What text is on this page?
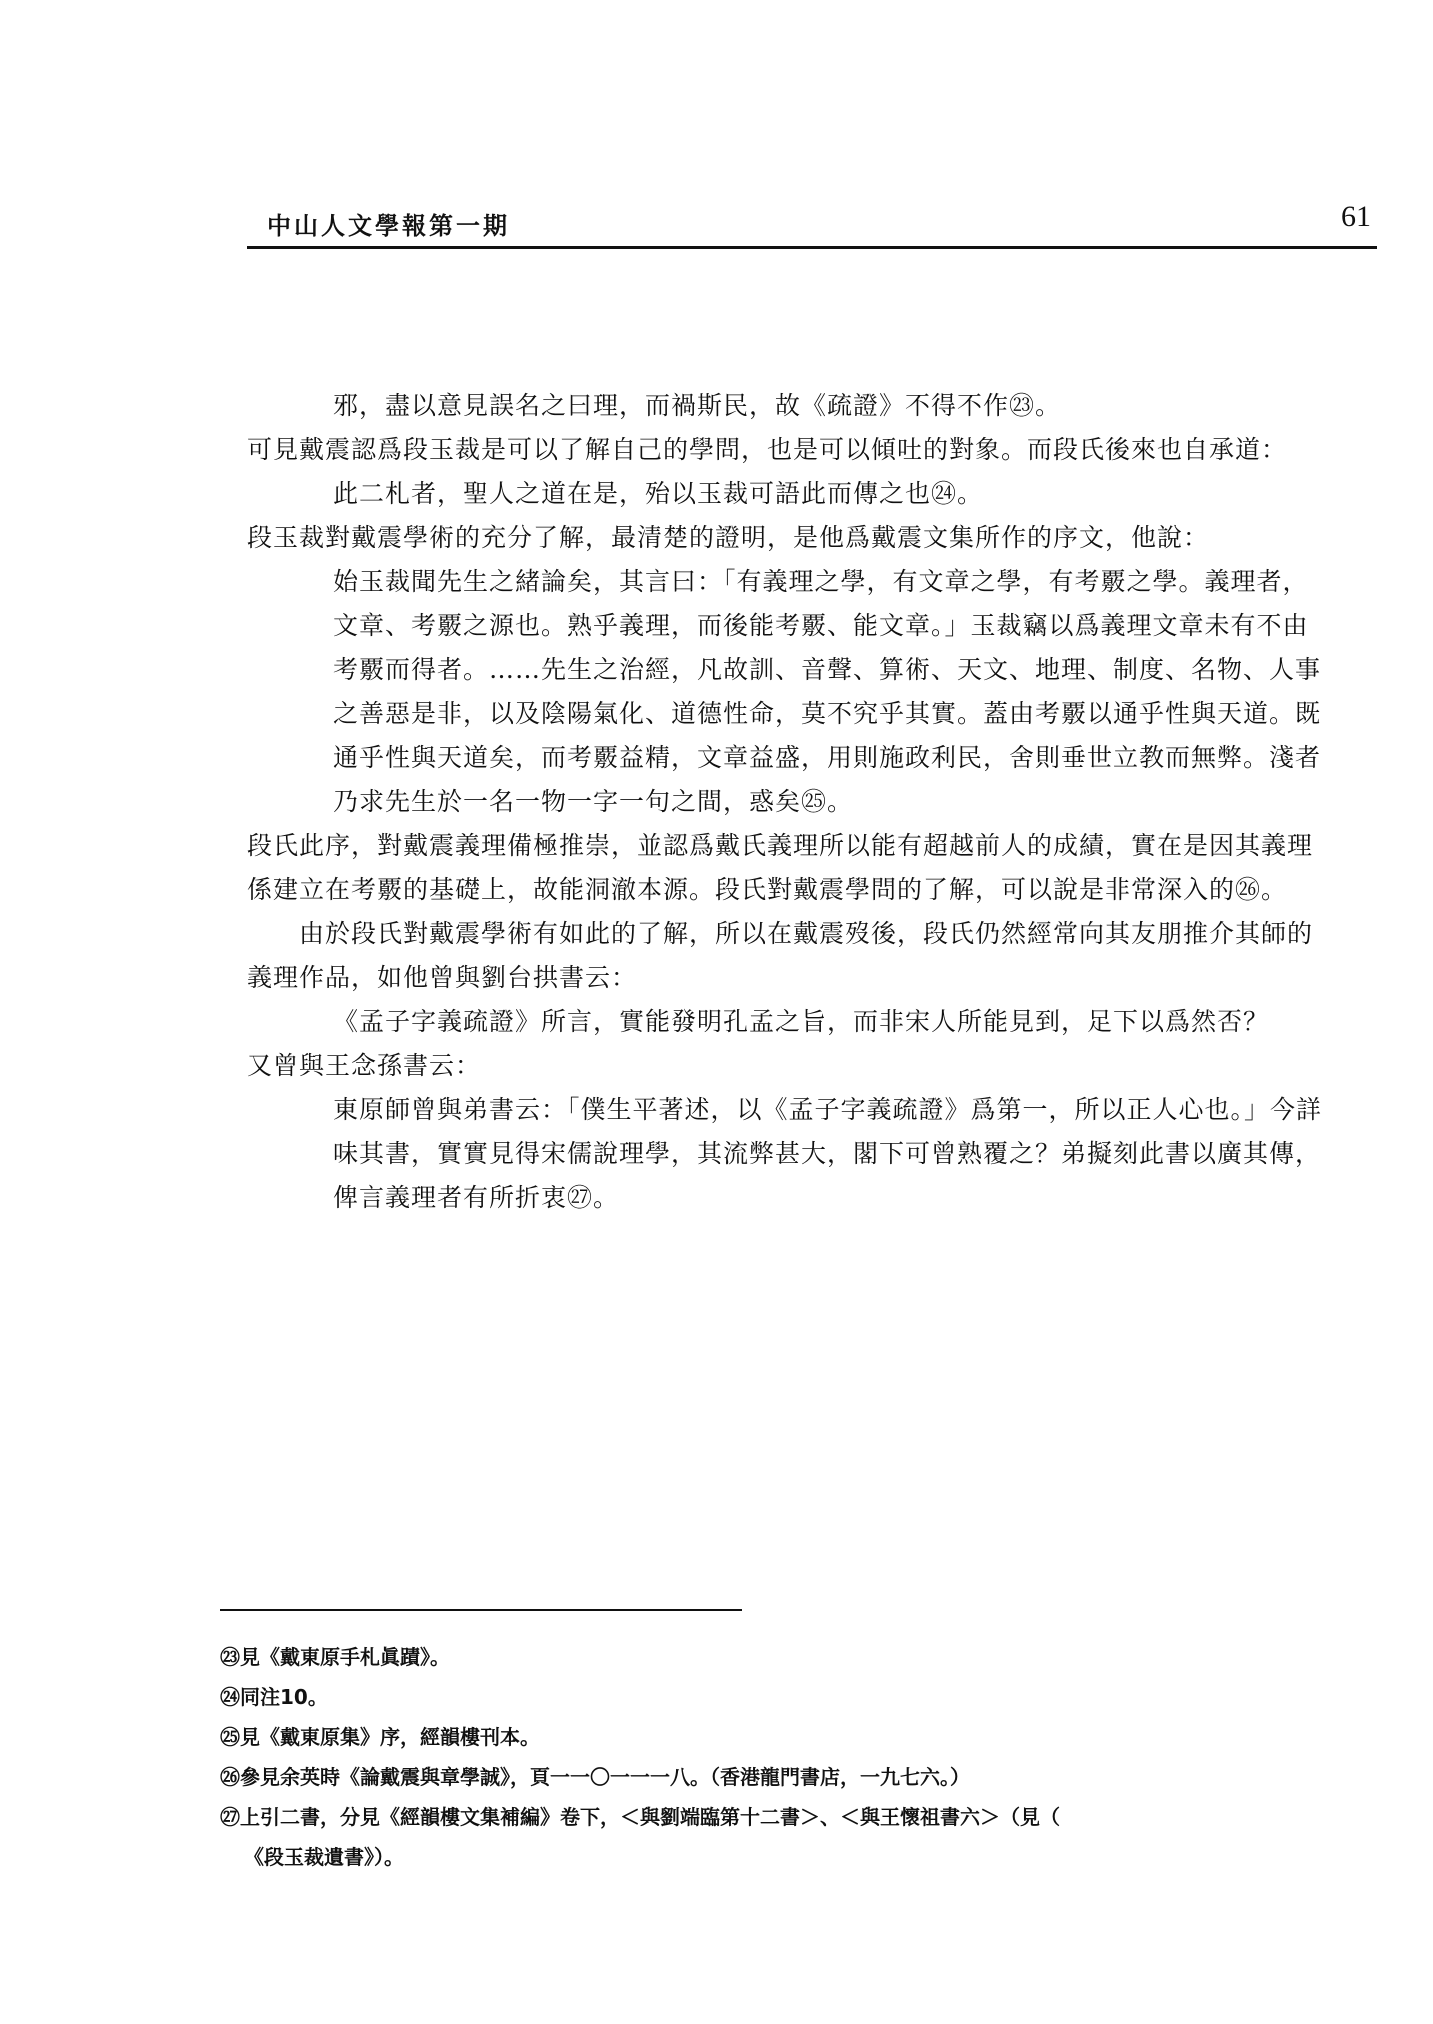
中山人文學報第一期	61

邪，盡以意見誤名之曰理，而禍斯民，故《疏證》不得不作㉓。

可見戴震認爲段玉裁是可以了解自己的學問，也是可以傾吐的對象。而段氏後來也自承道：

此二札者，聖人之道在是，殆以玉裁可語此而傳之也㉔。

段玉裁對戴震學術的充分了解，最清楚的證明，是他爲戴震文集所作的序文，他說：

始玉裁聞先生之緒論矣，其言曰：「有義理之學，有文章之學，有考覈之學。義理者，文章、考覈之源也。熟乎義理，而後能考覈、能文章。」玉裁竊以爲義理文章未有不由考覈而得者。……先生之治經，凡故訓、音聲、算術、天文、地理、制度、名物、人事之善惡是非，以及陰陽氣化、道德性命，莫不究乎其實。蓋由考覈以通乎性與天道。既通乎性與天道矣，而考覈益精，文章益盛，用則施政利民，舍則垂世立教而無弊。淺者乃求先生於一名一物一字一句之間，惑矣㉕。

段氏此序，對戴震義理備極推崇，並認爲戴氏義理所以能有超越前人的成績，實在是因其義理係建立在考覈的基礎上，故能洞澈本源。段氏對戴震學問的了解，可以說是非常深入的㉖。

由於段氏對戴震學術有如此的了解，所以在戴震歿後，段氏仍然經常向其友朋推介其師的義理作品，如他曾與劉台拱書云：

《孟子字義疏證》所言，實能發明孔孟之旨，而非宋人所能見到，足下以爲然否？

又曾與王念孫書云：

東原師曾與弟書云：「僕生平著述，以《孟子字義疏證》爲第一，所以正人心也。」今詳味其書，實實見得宋儒說理學，其流弊甚大，閣下可曾熟覆之？弟擬刻此書以廣其傳，俾言義理者有所折衷㉗。

㉓見《戴東原手札眞蹟》。

㉔同注10。

㉕見《戴東原集》序，經韻樓刊本。

㉖參見余英時《論戴震與章學誠》，頁一一〇一一一八。（香港龍門書店，一九七六。）

㉗上引二書，分見《經韻樓文集補編》卷下，＜與劉端臨第十二書＞、＜與王懷祖書六＞（見（

《段玉裁遺書》）。
